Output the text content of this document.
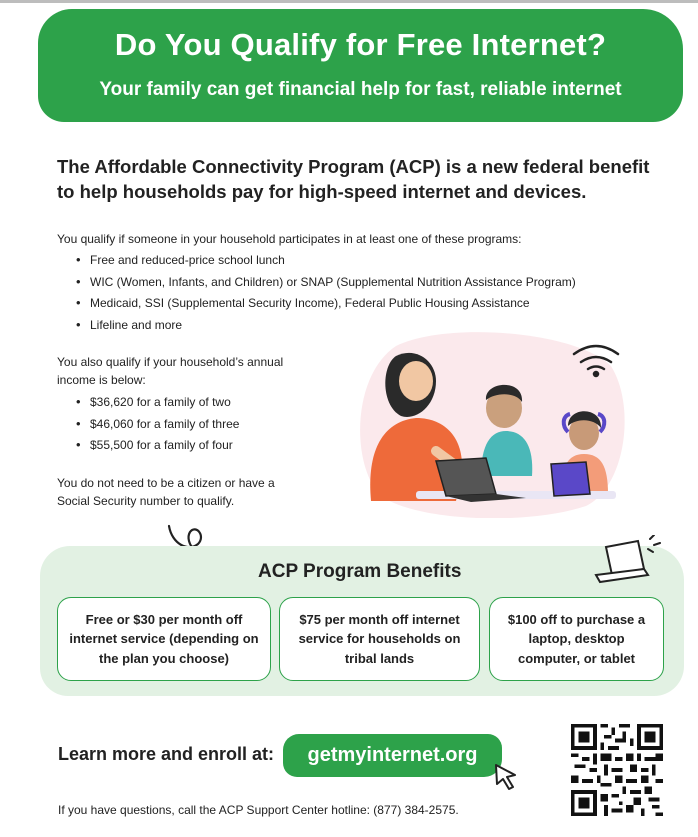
Do You Qualify for Free Internet?

Your family can get financial help for fast, reliable internet

The Affordable Connectivity Program (ACP) is a new federal benefit to help households pay for high-speed internet and devices.
You qualify if someone in your household participates in at least one of these programs:
• Free and reduced-price school lunch
• WIC (Women, Infants, and Children) or SNAP (Supplemental Nutrition Assistance Program)
• Medicaid, SSI (Supplemental Security Income), Federal Public Housing Assistance
• Lifeline and more
You also qualify if your household’s annual income is below:
• $36,620 for a family of two
• $46,060 for a family of three
• $55,500 for a family of four
You do not need to be a citizen or have a Social Security number to qualify.
ACP Program Benefits
Free or $30 per month off internet service (depending on the plan you choose)
$75 per month off internet service for households on tribal lands
$100 off to purchase a laptop, desktop computer, or tablet
Learn more and enroll at:	getmyinternet.org
If you have questions, call the ACP Support Center hotline: (877) 384-2575.
